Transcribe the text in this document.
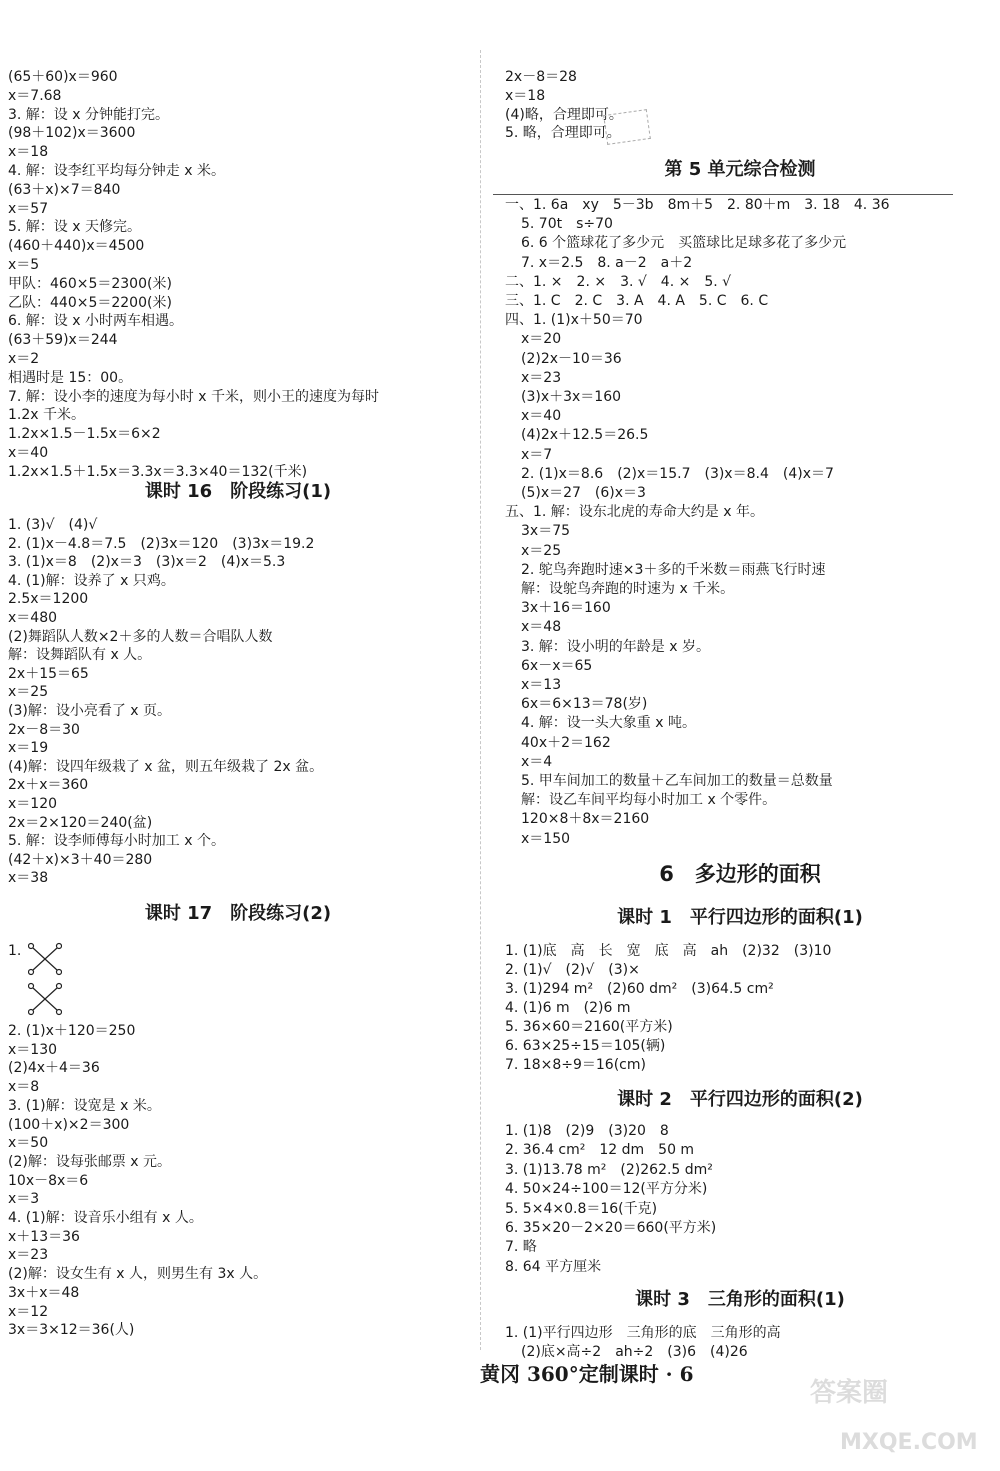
(65＋60)x＝960
x＝7.68
3. 解：设 x 分钟能打完。
(98＋102)x＝3600
x＝18
4. 解：设李红平均每分钟走 x 米。
(63＋x)×7＝840
x＝57
5. 解：设 x 天修完。
(460＋440)x＝4500
x＝5
甲队：460×5＝2300(米)
乙队：440×5＝2200(米)
6. 解：设 x 小时两车相遇。
(63＋59)x＝244
x＝2
相遇时是 15：00。
7. 解：设小李的速度为每小时 x 千米，则小王的速度为每时
1.2x 千米。
1.2x×1.5－1.5x＝6×2
x＝40
1.2x×1.5＋1.5x＝3.3x＝3.3×40＝132(千米)
课时 16　阶段练习(1)
1. (3)√　(4)√
2. (1)x－4.8＝7.5　(2)3x＝120　(3)3x＝19.2
3. (1)x＝8　(2)x＝3　(3)x＝2　(4)x＝5.3
4. (1)解：设养了 x 只鸡。
2.5x＝1200
x＝480
(2)舞蹈队人数×2＋多的人数＝合唱队人数
解：设舞蹈队有 x 人。
2x＋15＝65
x＝25
(3)解：设小亮看了 x 页。
2x－8＝30
x＝19
(4)解：设四年级栽了 x 盆，则五年级栽了 2x 盆。
2x＋x＝360
x＝120
2x＝2×120＝240(盆)
5. 解：设李师傅每小时加工 x 个。
(42＋x)×3＋40＝280
x＝38
课时 17　阶段练习(2)
1.
2. (1)x＋120＝250
x＝130
(2)4x＋4＝36
x＝8
3. (1)解：设宽是 x 米。
(100＋x)×2＝300
x＝50
(2)解：设每张邮票 x 元。
10x－8x＝6
x＝3
4. (1)解：设音乐小组有 x 人。
x＋13＝36
x＝23
(2)解：设女生有 x 人，则男生有 3x 人。
3x＋x＝48
x＝12
3x＝3×12＝36(人)
2x－8＝28
x＝18
(4)略，合理即可。
5. 略，合理即可。
第 5 单元综合检测
一、1. 6a　xy　5－3b　8m＋5　2. 80＋m　3. 18　4. 36
5. 70t　s÷70
6. 6 个篮球花了多少元　买篮球比足球多花了多少元
7. x＝2.5　8. a－2　a＋2
二、1. ×　2. ×　3. √　4. ×　5. √
三、1. C　2. C　3. A　4. A　5. C　6. C
四、1. (1)x＋50＝70
x＝20
(2)2x－10＝36
x＝23
(3)x＋3x＝160
x＝40
(4)2x＋12.5＝26.5
x＝7
2. (1)x＝8.6　(2)x＝15.7　(3)x＝8.4　(4)x＝7
(5)x＝27　(6)x＝3
五、1. 解：设东北虎的寿命大约是 x 年。
3x＝75
x＝25
2. 鸵鸟奔跑时速×3＋多的千米数＝雨燕飞行时速
解：设鸵鸟奔跑的时速为 x 千米。
3x＋16＝160
x＝48
3. 解：设小明的年龄是 x 岁。
6x－x＝65
x＝13
6x＝6×13＝78(岁)
4. 解：设一头大象重 x 吨。
40x＋2＝162
x＝4
5. 甲车间加工的数量＋乙车间加工的数量＝总数量
解：设乙车间平均每小时加工 x 个零件。
120×8＋8x＝2160
x＝150
6　多边形的面积
课时 1　平行四边形的面积(1)
1. (1)底　高　长　宽　底　高　ah　(2)32　(3)10
2. (1)√　(2)√　(3)×
3. (1)294 m²　(2)60 dm²　(3)64.5 cm²
4. (1)6 m　(2)6 m
5. 36×60＝2160(平方米)
6. 63×25÷15＝105(辆)
7. 18×8÷9＝16(cm)
课时 2　平行四边形的面积(2)
1. (1)8　(2)9　(3)20　8
2. 36.4 cm²　12 dm　50 m
3. (1)13.78 m²　(2)262.5 dm²
4. 50×24÷100＝12(平方分米)
5. 5×4×0.8＝16(千克)
6. 35×20－2×20＝660(平方米)
7. 略
8. 64 平方厘米
课时 3　三角形的面积(1)
1. (1)平行四边形　三角形的底　三角形的高
(2)底×高÷2　ah÷2　(3)6　(4)26
黄冈 360°定制课时 · 6
答案圈
MXQE.COM
